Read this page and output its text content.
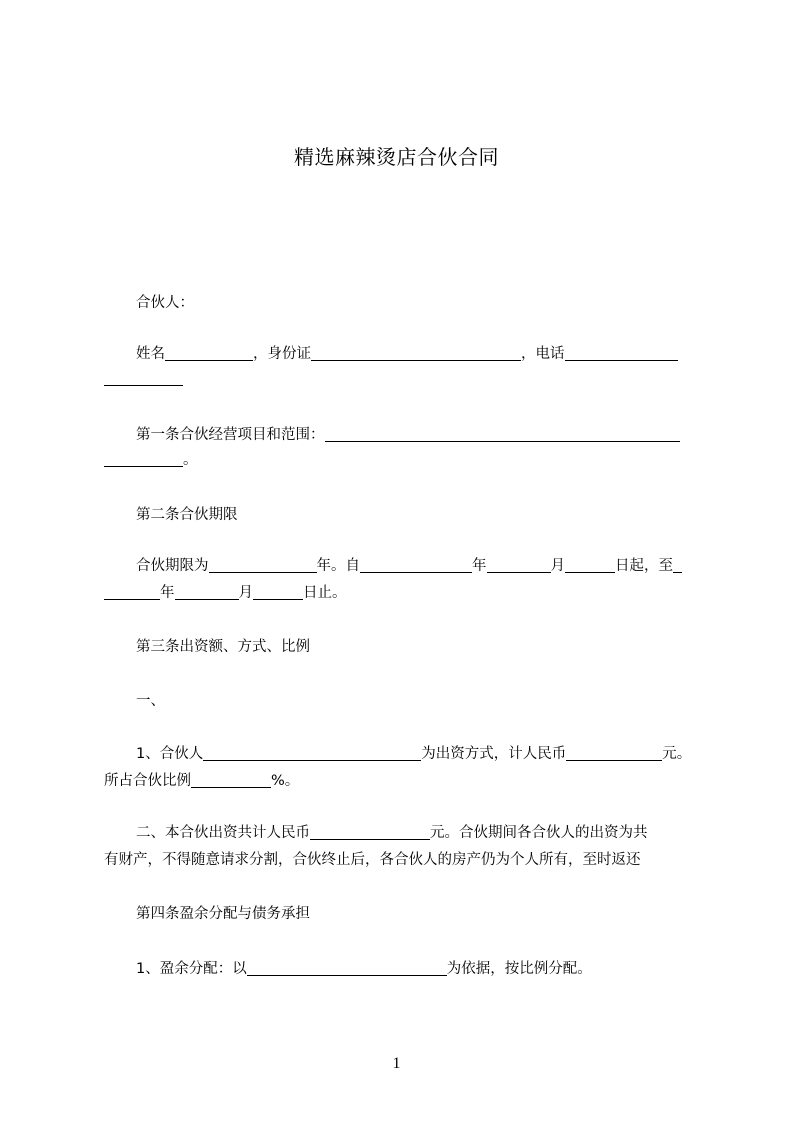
精选麻辣烫店合伙合同
合伙人：
姓名	，身份证	，电话
第一条合伙经营项目和范围：
。
第二条合伙期限
合伙期限为	年。自	年	月	日起，至
年	月	日止。
第三条出资额、方式、比例
一、
1、合伙人	为出资方式，计人民币	元。
所占合伙比例	%。
二、本合伙出资共计人民币	元。合伙期间各合伙人的出资为共
有财产，不得随意请求分割，合伙终止后，各合伙人的房产仍为个人所有，至时返还
第四条盈余分配与债务承担
1、盈余分配：以	为依据，按比例分配。
1
